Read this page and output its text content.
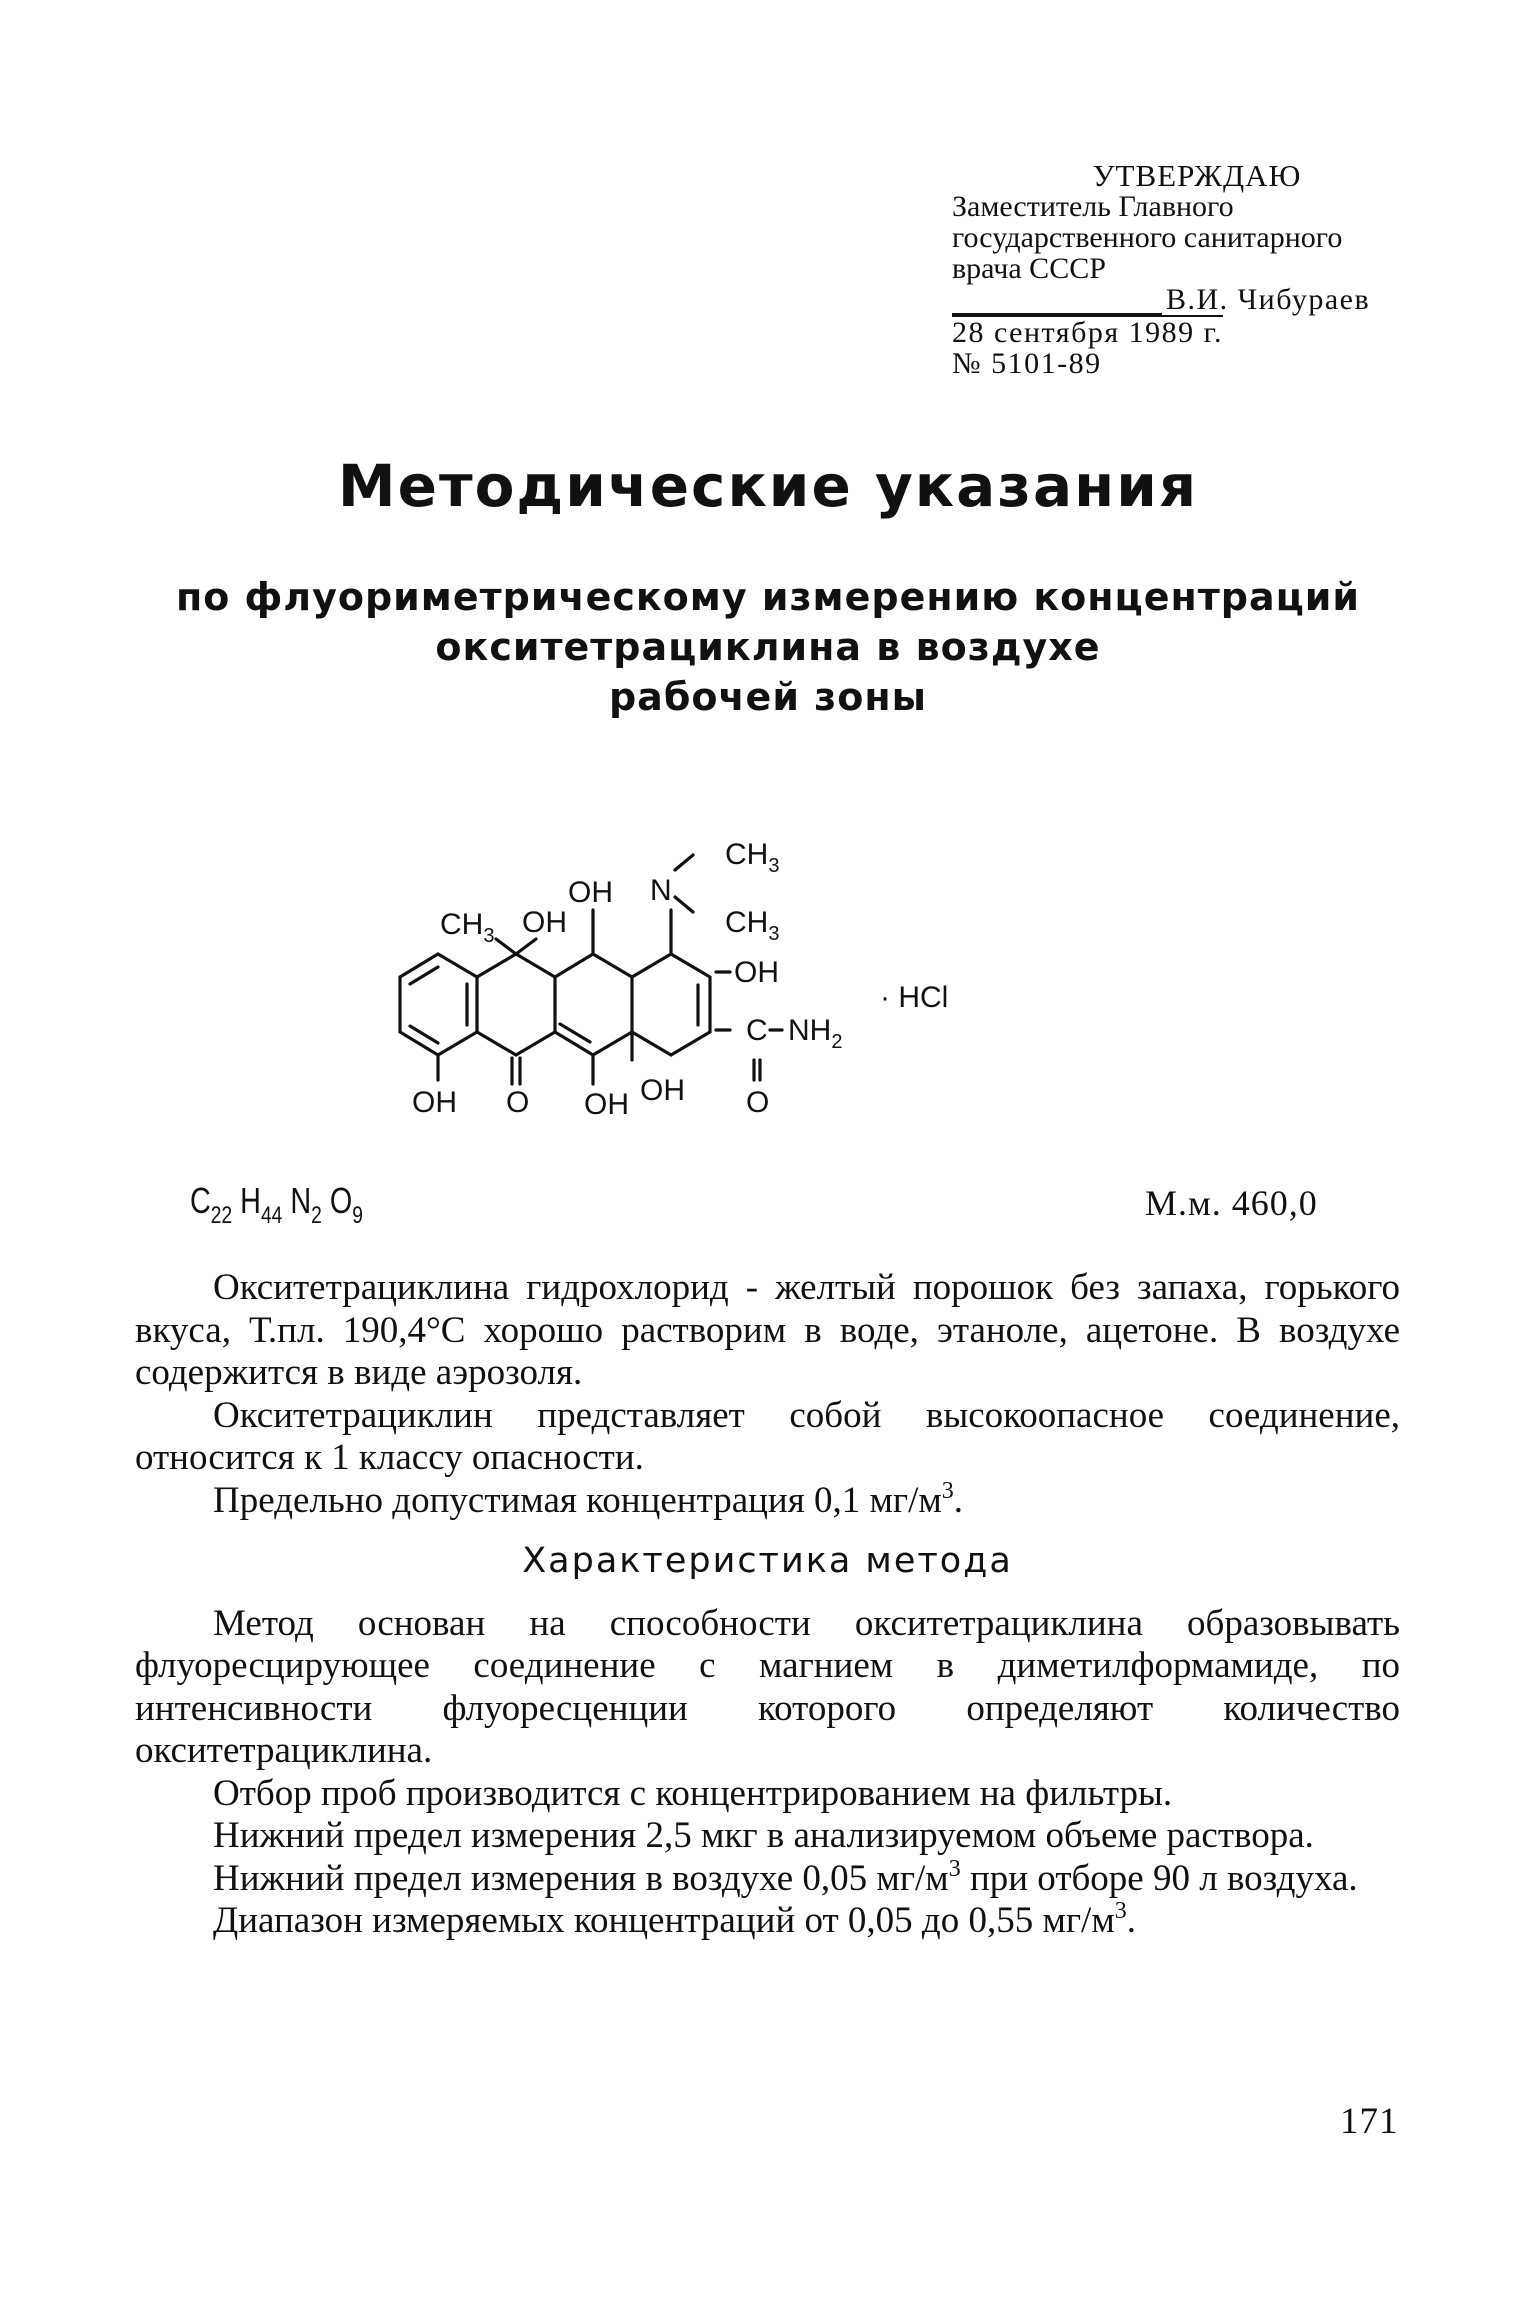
УТВЕРЖДАЮ
Заместитель Главного
государственного санитарного
врача СССР
В.И. Чибураев
28 сентября 1989 г.
№ 5101-89
Методические указания
по флуориметрическому измерению концентраций
окситетрациклина в воздухе
рабочей зоны
$CH_3$
N
$CH_3$
OH
$CH_3$ OH
OH
C $NH_2$
O
· HCl
OH O OH OH
$C_{22}$ $H_{44}$ $N_2$ $O_9$	М.м. 460,0

Окситетрациклина гидрохлорид - желтый порошок без запаха, горького вкуса, Т.пл. 190,4°С хорошо растворим в воде, этаноле, ацетоне. В воздухе содержится в виде аэрозоля.

Окситетрациклин представляет собой высокоопасное соединение, относится к 1 классу опасности.

Предельно допустимая концентрация 0,1 $мг/м^3$.

Характеристика метода

Метод основан на способности окситетрациклина образовывать флуоресцирующее соединение с магнием в диметилформамиде, по интенсивности флуоресценции которого определяют количество окситетрациклина.

Отбор проб производится с концентрированием на фильтры.

Нижний предел измерения 2,5 мкг в анализируемом объеме раствора.

Нижний предел измерения в воздухе 0,05 $мг/м^3$ при отборе 90 л воздуха.

Диапазон измеряемых концентраций от 0,05 до 0,55 $мг/м^3$.

171
